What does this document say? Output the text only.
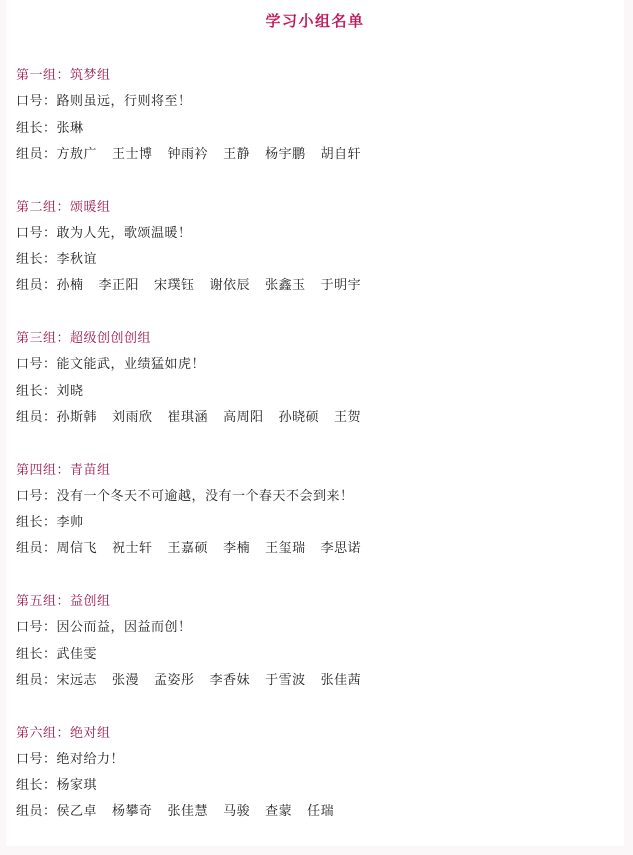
学习小组名单
第一组：筑梦组
口号：路则虽远，行则将至！
组长：张琳
组员：方敖广 王士博 钟雨衿 王静 杨宇鹏 胡自轩
第二组：颂暖组
口号：敢为人先，歌颂温暖！
组长：李秋谊
组员：孙楠 李正阳 宋璞钰 谢依辰 张鑫玉 于明宇
第三组：超级创创创组
口号：能文能武，业绩猛如虎！
组长：刘晓
组员：孙斯韩 刘雨欣 崔琪涵 高周阳 孙晓硕 王贺
第四组：青苗组
口号：没有一个冬天不可逾越，没有一个春天不会到来！
组长：李帅
组员：周信飞 祝士轩 王嘉硕 李楠 王玺瑞 李思诺
第五组：益创组
口号：因公而益，因益而创！
组长：武佳雯
组员：宋远志 张漫 孟姿彤 李香妹 于雪波 张佳茜
第六组：绝对组
口号：绝对给力！
组长：杨家琪
组员：侯乙卓 杨攀奇 张佳慧 马骏 查蒙 任瑞
